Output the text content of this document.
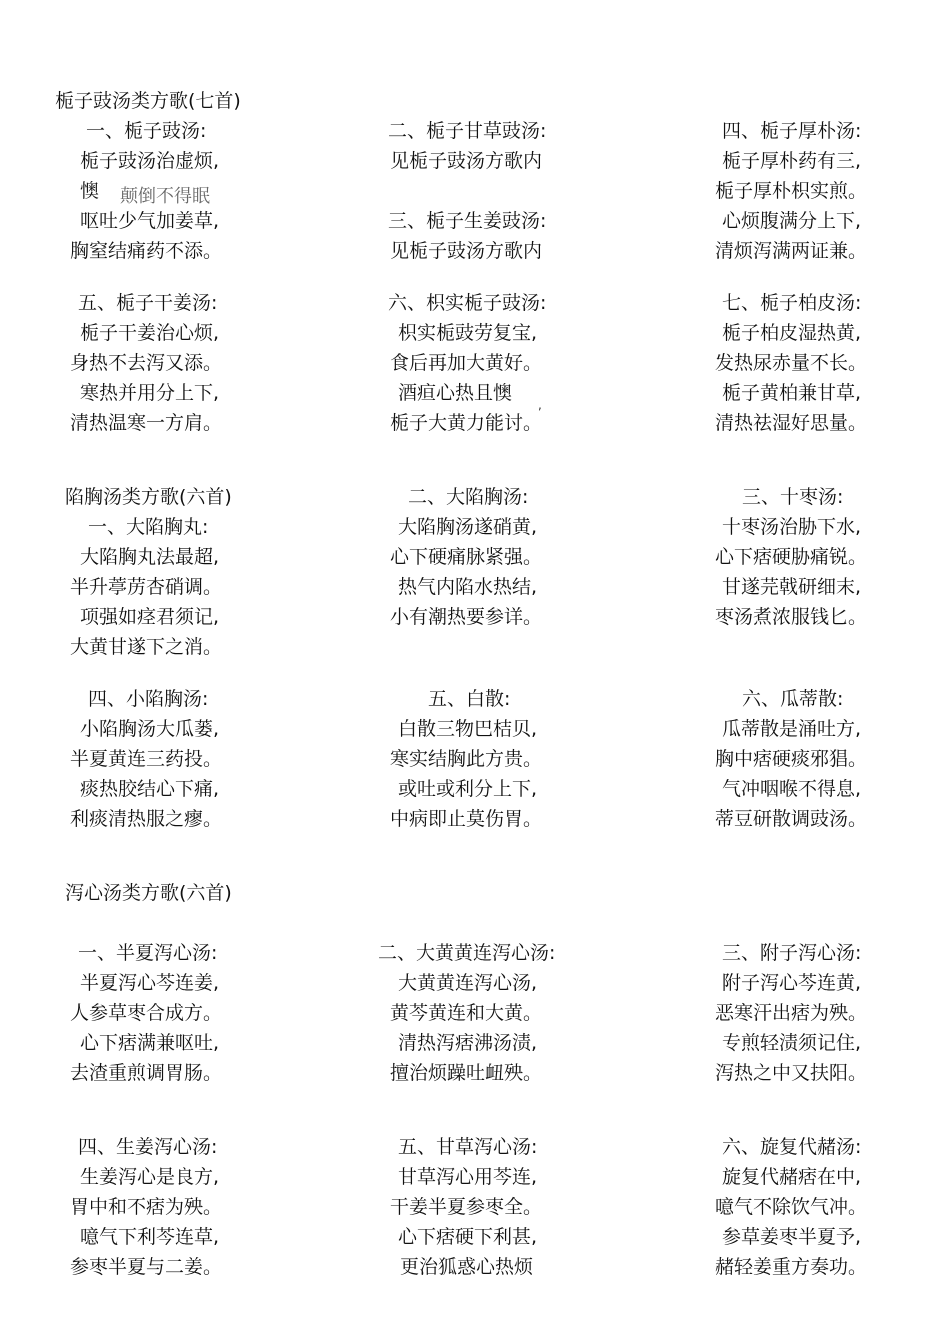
栀子豉汤类方歌(七首)
一、栀子豉汤:
栀子豉汤治虚烦,
懊 颠倒不得眠
呕吐少气加姜草,
胸窒结痛药不添。
二、栀子甘草豉汤:
见栀子豉汤方歌内
三、栀子生姜豉汤:
见栀子豉汤方歌内
四、栀子厚朴汤:
栀子厚朴药有三,
栀子厚朴枳实煎。
心烦腹满分上下,
清烦泻满两证兼。
五、栀子干姜汤:
栀子干姜治心烦,
身热不去泻又添。
寒热并用分上下,
清热温寒一方肩。
六、枳实栀子豉汤:
枳实栀豉劳复宝,
食后再加大黄好。
酒疸心热且懊
,
栀子大黄力能讨。
七、栀子柏皮汤:
栀子柏皮湿热黄,
发热尿赤量不长。
栀子黄柏兼甘草,
清热祛湿好思量。
陷胸汤类方歌(六首)
一、大陷胸丸:
大陷胸丸法最超,
半升葶苈杏硝调。
项强如痉君须记,
大黄甘遂下之消。
二、大陷胸汤:
大陷胸汤遂硝黄,
心下硬痛脉紧强。
热气内陷水热结,
小有潮热要参详。
三、十枣汤:
十枣汤治胁下水,
心下痞硬胁痛锐。
甘遂芫戟研细末,
枣汤煮浓服钱匕。
四、小陷胸汤:
小陷胸汤大瓜蒌,
半夏黄连三药投。
痰热胶结心下痛,
利痰清热服之瘳。
五、白散:
白散三物巴桔贝,
寒实结胸此方贵。
或吐或利分上下,
中病即止莫伤胃。
六、瓜蒂散:
瓜蒂散是涌吐方,
胸中痞硬痰邪猖。
气冲咽喉不得息,
蒂豆研散调豉汤。
泻心汤类方歌(六首)
一、半夏泻心汤:
半夏泻心芩连姜,
人参草枣合成方。
心下痞满兼呕吐,
去渣重煎调胃肠。
二、大黄黄连泻心汤:
大黄黄连泻心汤,
黄芩黄连和大黄。
清热泻痞沸汤渍,
擅治烦躁吐衄殃。
三、附子泻心汤:
附子泻心芩连黄,
恶寒汗出痞为殃。
专煎轻渍须记住,
泻热之中又扶阳。
四、生姜泻心汤:
生姜泻心是良方,
胃中和不痞为殃。
噫气下利芩连草,
参枣半夏与二姜。
五、甘草泻心汤:
甘草泻心用芩连,
干姜半夏参枣全。
心下痞硬下利甚,
更治狐惑心热烦
六、旋复代赭汤:
旋复代赭痞在中,
噫气不除饮气冲。
参草姜枣半夏予,
赭轻姜重方奏功。
